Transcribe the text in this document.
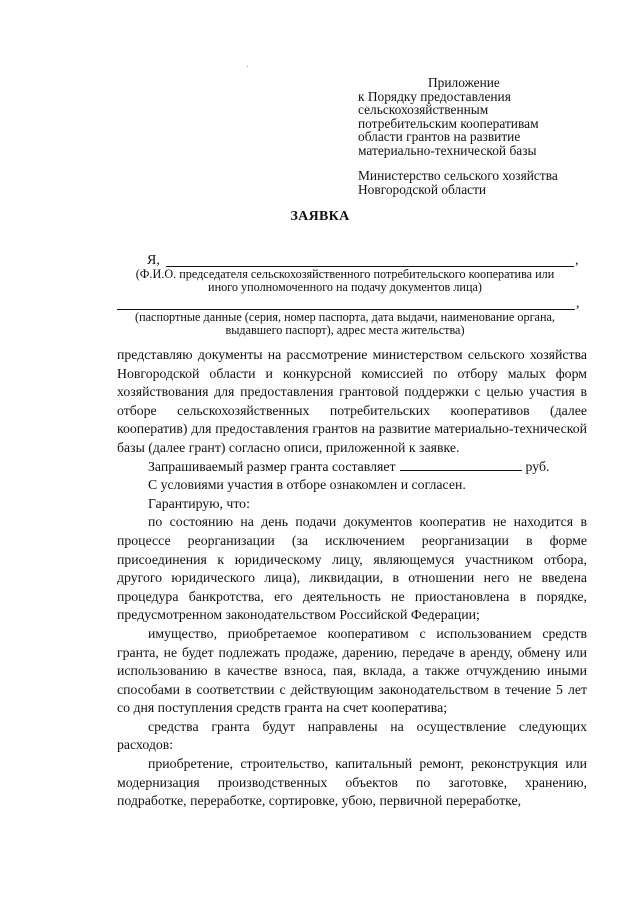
Приложение
к Порядку предоставления
сельскохозяйственным
потребительским кооперативам
области грантов на развитие
материально-технической базы
Министерство сельского хозяйства
Новгородской области
ЗАЯВКА
Я,	,
(Ф.И.О. председателя сельскохозяйственного потребительского кооператива или иного уполномоченного на подачу документов лица)
,
(паспортные данные (серия, номер паспорта, дата выдачи, наименование органа, выдавшего паспорт), адрес места жительства)

представляю документы на рассмотрение министерством сельского хозяйства Новгородской области и конкурсной комиссией по отбору малых форм хозяйствования для предоставления грантовой поддержки с целью участия в отборе сельскохозяйственных потребительских кооперативов (далее кооператив) для предоставления грантов на развитие материально-технической базы (далее грант) согласно описи, приложенной к заявке.

Запрашиваемый размер гранта составляет	руб.

С условиями участия в отборе ознакомлен и согласен.

Гарантирую, что:

по состоянию на день подачи документов кооператив не находится в процессе реорганизации (за исключением реорганизации в форме присоединения к юридическому лицу, являющемуся участником отбора, другого юридического лица), ликвидации, в отношении него не введена процедура банкротства, его деятельность не приостановлена в порядке, предусмотренном законодательством Российской Федерации;

имущество, приобретаемое кооперативом с использованием средств гранта, не будет подлежать продаже, дарению, передаче в аренду, обмену или использованию в качестве взноса, пая, вклада, а также отчуждению иными способами в соответствии с действующим законодательством в течение 5 лет со дня поступления средств гранта на счет кооператива;

средства гранта будут направлены на осуществление следующих расходов:

приобретение, строительство, капитальный ремонт, реконструкция или модернизация производственных объектов по заготовке, хранению, подработке, переработке, сортировке, убою, первичной переработке,
